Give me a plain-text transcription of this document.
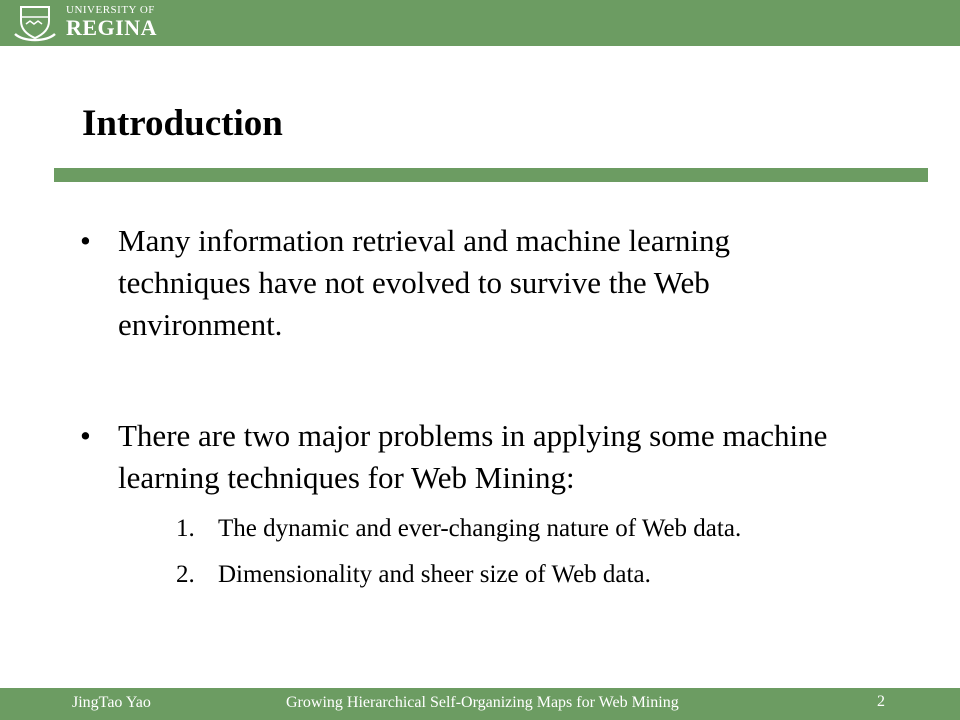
UNIVERSITY OF
REGINA
Introduction
• Many information retrieval and machine learning techniques have not evolved to survive the Web environment.
• There are two major problems in applying some machine learning techniques for Web Mining:
1. The dynamic and ever-changing nature of Web data.
2. Dimensionality and sheer size of Web data.
JingTao Yao	Growing Hierarchical Self-Organizing Maps for Web Mining	2
